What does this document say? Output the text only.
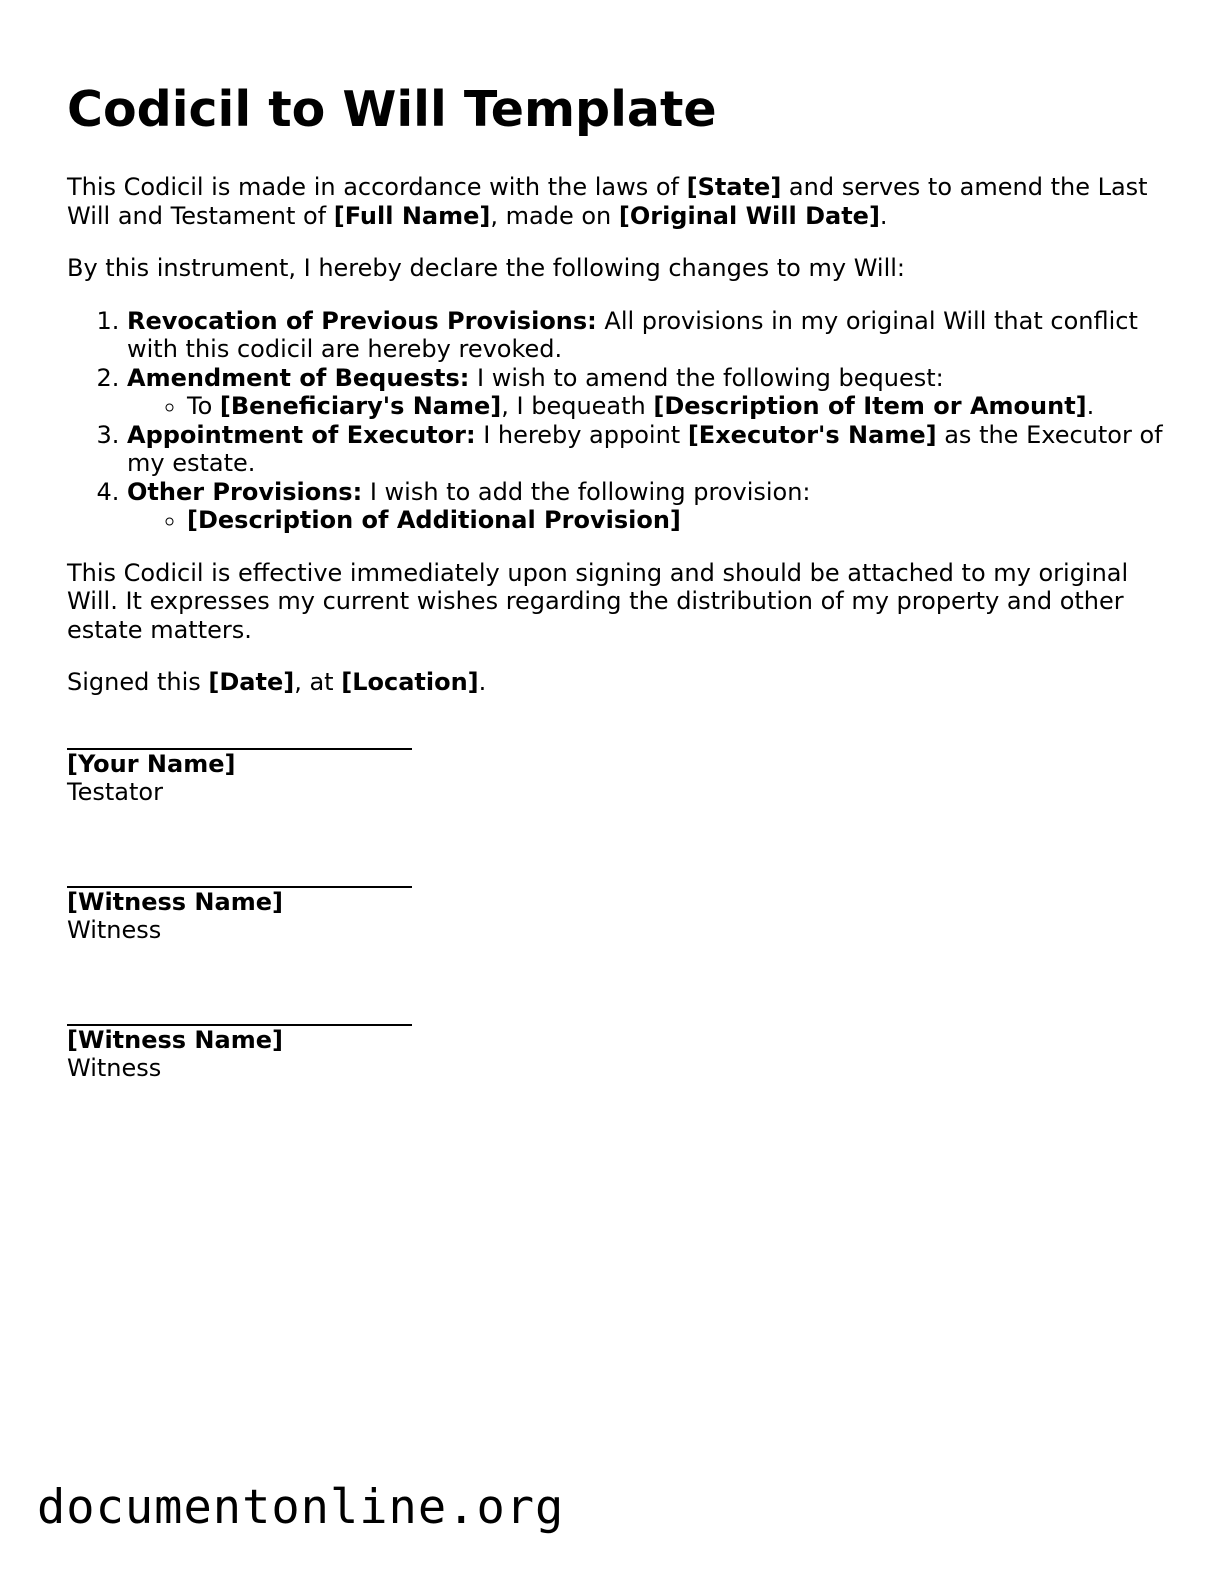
Codicil to Will Template

This Codicil is made in accordance with the laws of [State] and serves to amend the Last Will and Testament of [Full Name], made on [Original Will Date].

By this instrument, I hereby declare the following changes to my Will:

1. Revocation of Previous Provisions: All provisions in my original Will that conflict with this codicil are hereby revoked.
2. Amendment of Bequests: I wish to amend the following bequest:
◦ To [Beneficiary's Name], I bequeath [Description of Item or Amount].
3. Appointment of Executor: I hereby appoint [Executor's Name] as the Executor of my estate.
4. Other Provisions: I wish to add the following provision:
◦ [Description of Additional Provision]

This Codicil is effective immediately upon signing and should be attached to my original Will. It expresses my current wishes regarding the distribution of my property and other estate matters.

Signed this [Date], at [Location].

[Your Name]
Testator
[Witness Name]
Witness
[Witness Name]
Witness
documentonline.org
